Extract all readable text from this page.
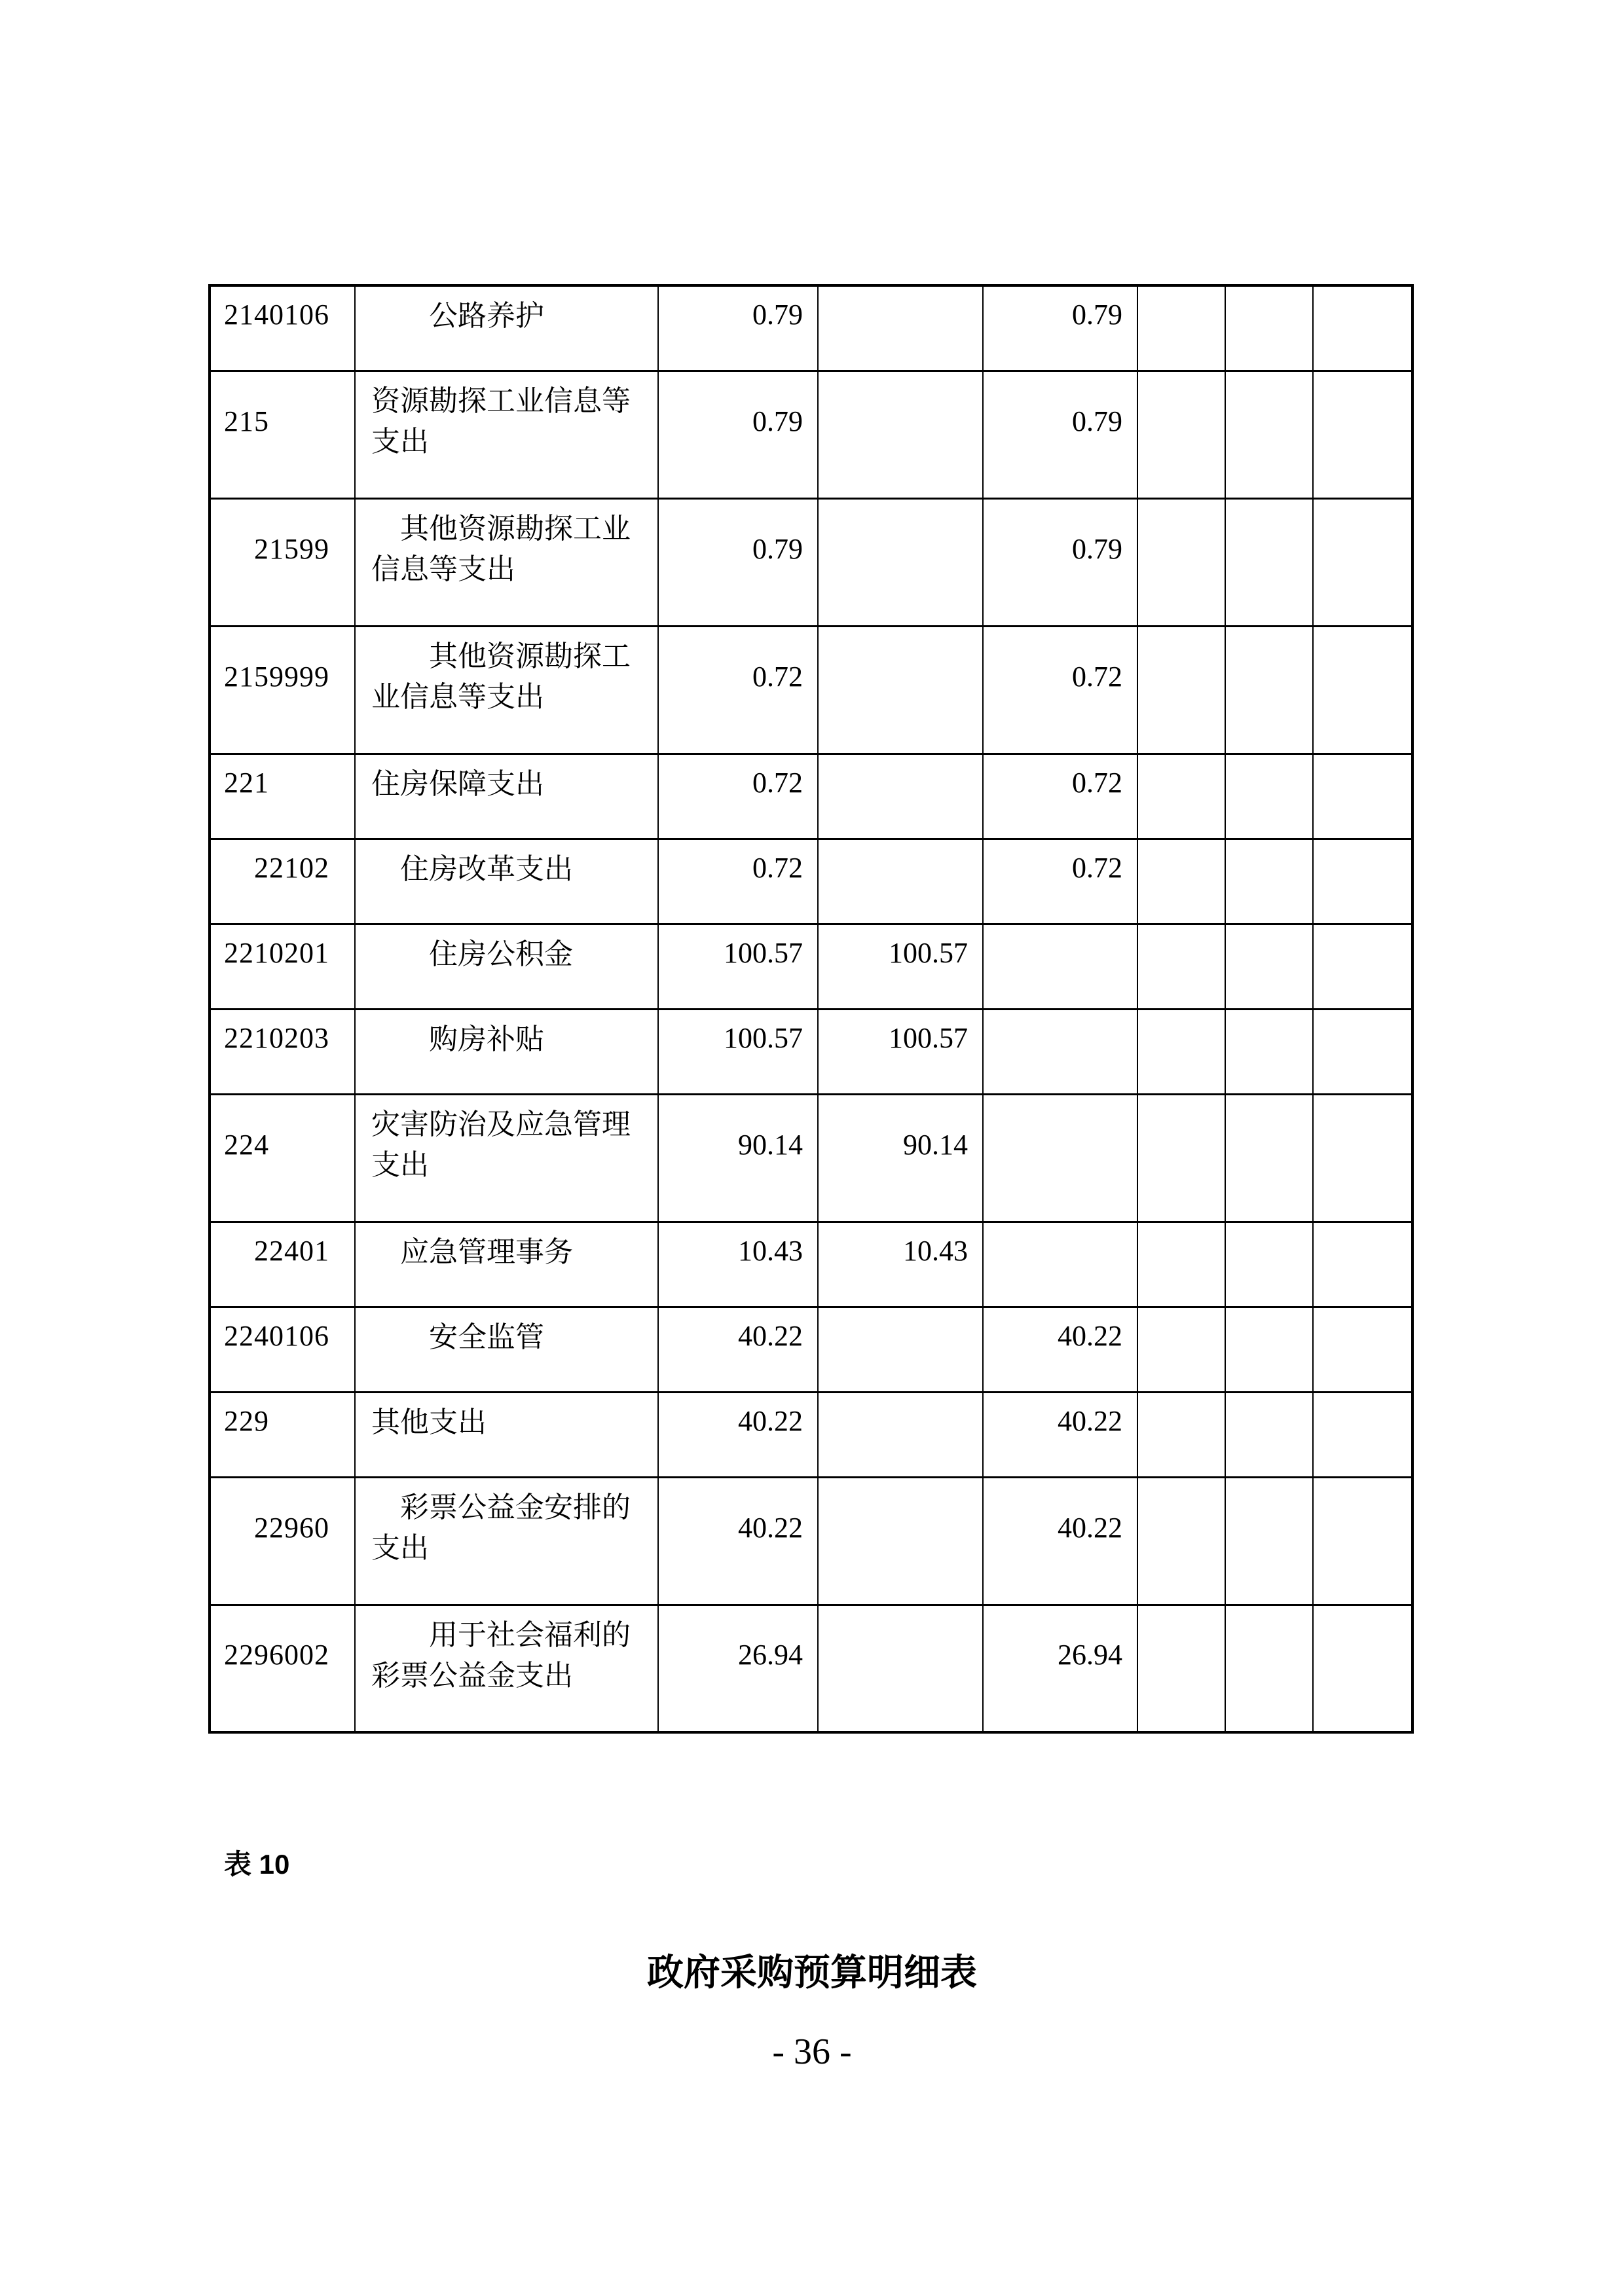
2140106	公路养护	0.79		0.79			
215	资源勘探工业信息等支出	0.79		0.79			
21599	其他资源勘探工业信息等支出	0.79		0.79			
2159999	其他资源勘探工业信息等支出	0.72		0.72			
221	住房保障支出	0.72		0.72			
22102	住房改革支出	0.72		0.72			
2210201	住房公积金	100.57	100.57				
2210203	购房补贴	100.57	100.57				
224	灾害防治及应急管理支出	90.14	90.14				
22401	应急管理事务	10.43	10.43				
2240106	安全监管	40.22		40.22			
229	其他支出	40.22		40.22			
22960	彩票公益金安排的支出	40.22		40.22			
2296002	用于社会福利的彩票公益金支出	26.94		26.94			
表 10
政府采购预算明细表
- 36 -
